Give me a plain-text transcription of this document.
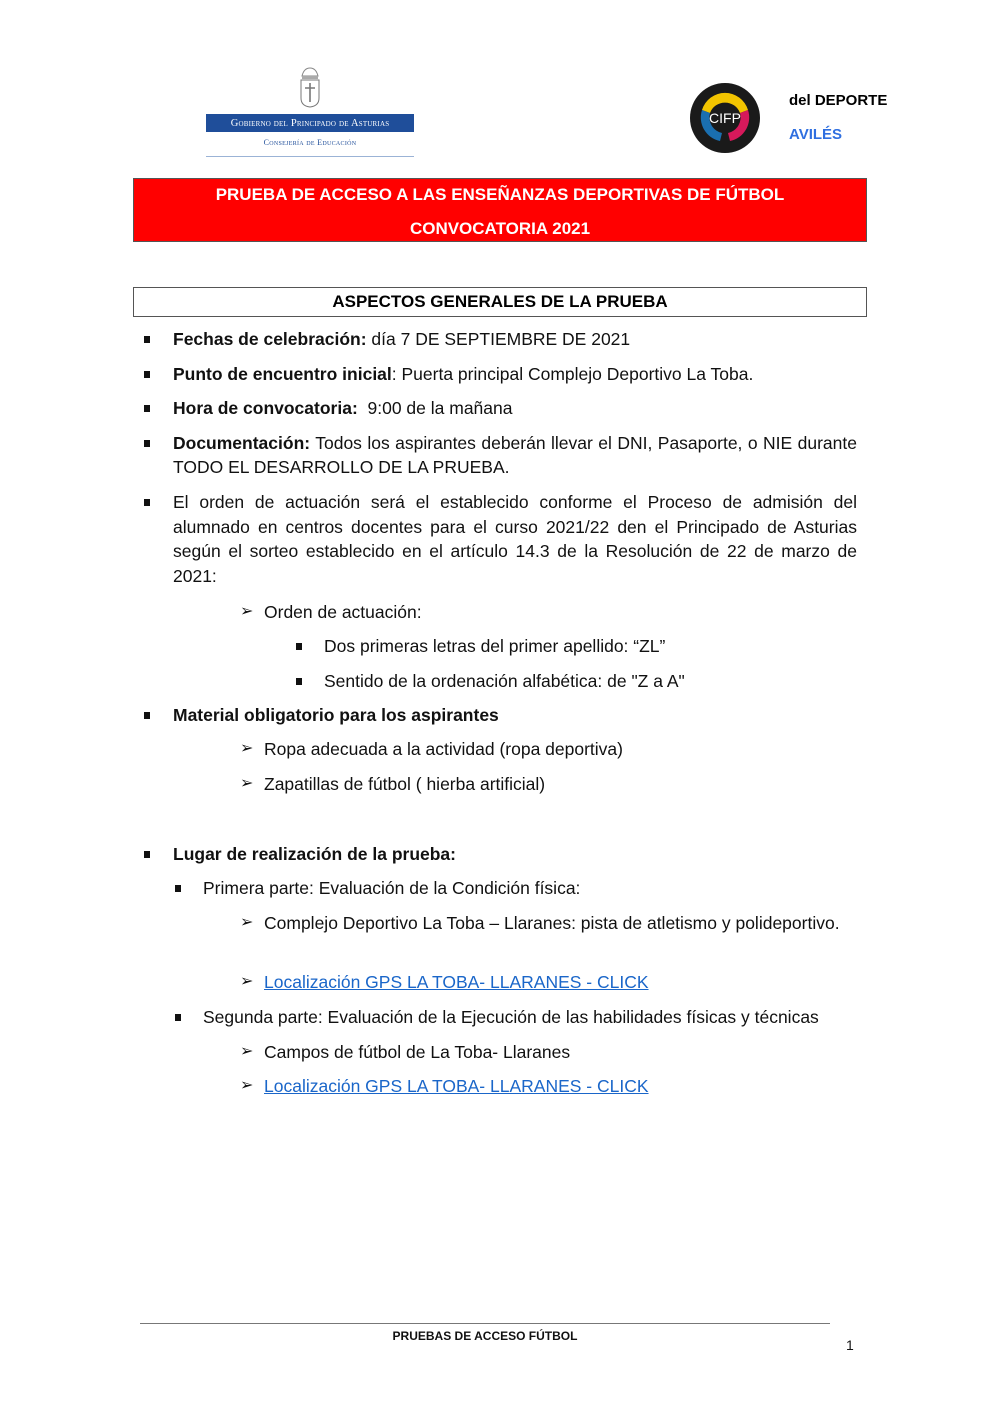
Gobierno del Principado de Asturias
Consejería de Educación
CIFP
del DEPORTE
AVILÉS
PRUEBA DE ACCESO A LAS ENSEÑANZAS DEPORTIVAS DE FÚTBOL
CONVOCATORIA 2021
ASPECTOS GENERALES DE LA PRUEBA
Fechas de celebración: día 7 DE SEPTIEMBRE DE 2021
Punto de encuentro inicial: Puerta principal Complejo Deportivo La Toba.
Hora de convocatoria:  9:00 de la mañana
Documentación: Todos los aspirantes deberán llevar el DNI, Pasaporte, o NIE durante TODO EL DESARROLLO DE LA PRUEBA.
El orden de actuación será el establecido conforme el Proceso de admisión del alumnado en centros docentes para el curso 2021/22 den el Principado de Asturias según el sorteo establecido en el artículo 14.3 de la Resolución de 22 de marzo de 2021:
➢ Orden de actuación:
Dos primeras letras del primer apellido: “ZL”
Sentido de la ordenación alfabética: de "Z a A"
Material obligatorio para los aspirantes
➢ Ropa adecuada a la actividad (ropa deportiva)
➢ Zapatillas de fútbol ( hierba artificial)
Lugar de realización de la prueba:
Primera parte: Evaluación de la Condición física:
➢ Complejo Deportivo La Toba – Llaranes: pista de atletismo y polideportivo.
➢ Localización GPS LA TOBA- LLARANES - CLICK
Segunda parte: Evaluación de la Ejecución de las habilidades físicas y técnicas
➢ Campos de fútbol de La Toba- Llaranes
➢ Localización GPS LA TOBA- LLARANES - CLICK
PRUEBAS DE ACCESO FÚTBOL
1
